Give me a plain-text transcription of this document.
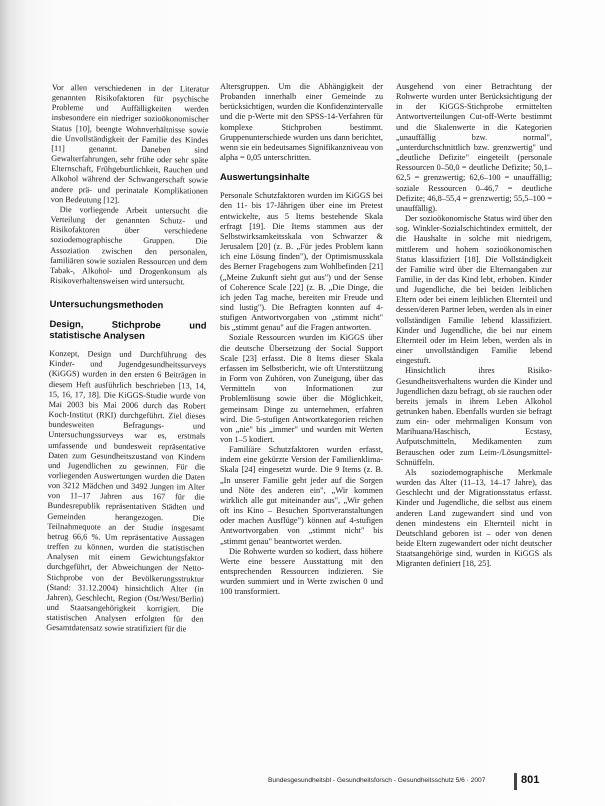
Vor allen verschiedenen in der Literatur genannten Risikofaktoren für psychische Probleme und Auffälligkeiten werden insbesondere ein niedriger sozioökonomischer Status [10], beengte Wohnverhältnisse sowie die Unvollständigkeit der Familie des Kindes [11] genannt. Daneben sind Gewalterfahrungen, sehr frühe oder sehr späte Elternschaft, Frühgeburtlichkeit, Rauchen und Alkohol während der Schwangerschaft sowie andere prä- und perinatale Komplikationen von Bedeutung [12].

Die vorliegende Arbeit untersucht die Verteilung der genannten Schutz- und Risikofaktoren über verschiedene soziodemographische Gruppen. Die Assoziation zwischen den personalen, familiären sowie sozialen Ressourcen und dem Tabak-, Alkohol- und Drogenkonsum als Risikoverhaltensweisen wird untersucht.

Untersuchungsmethoden
Design, Stichprobe und statistische Analysen

Konzept, Design und Durchführung des Kinder- und Jugendgesundheitssurveys (KiGGS) wurden in den ersten 6 Beiträgen in diesem Heft ausführlich beschrieben [13, 14, 15, 16, 17, 18]. Die KiGGS-Studie wurde von Mai 2003 bis Mai 2006 durch das Robert Koch-Institut (RKI) durchgeführt. Ziel dieses bundesweiten Befragungs- und Untersuchungssurveys war es, erstmals umfassende und bundesweit repräsentative Daten zum Gesundheitszustand von Kindern und Jugendlichen zu gewinnen. Für die vorliegenden Auswertungen wurden die Daten von 3212 Mädchen und 3492 Jungen im Alter von 11–17 Jahren aus 167 für die Bundesrepublik repräsentativen Städten und Gemeinden herangezogen. Die Teilnahmequote an der Studie insgesamt betrug 66,6 %. Um repräsentative Aussagen treffen zu können, wurden die statistischen Analysen mit einem Gewichtungsfaktor durchgeführt, der Abweichungen der Netto-Stichprobe von der Bevölkerungsstruktur (Stand: 31.12.2004) hinsichtlich Alter (in Jahren), Geschlecht, Region (Ost/West/Berlin) und Staatsangehörigkeit korrigiert. Die statistischen Analysen erfolgten für den Gesamtdatensatz sowie stratifiziert für die

Altersgruppen. Um die Abhängigkeit der Probanden innerhalb einer Gemeinde zu berücksichtigen, wurden die Konfidenzintervalle und die p-Werte mit den SPSS-14-Verfahren für komplexe Stichproben bestimmt. Gruppenunterschiede wurden uns dann berichtet, wenn sie ein bedeutsames Signifikanzniveau von alpha = 0,05 unterschritten.

Auswertungsinhalte

Personale Schutzfaktoren wurden im KiGGS bei den 11- bis 17-Jährigen über eine im Pretest entwickelte, aus 5 Items bestehende Skala erfragt [19]. Die Items stammen aus der Selbstwirksamkeitsskala von Schwarzer & Jerusalem [20] (z. B. „Für jedes Problem kann ich eine Lösung finden"), der Optimismusskala des Berner Fragebogens zum Wohlbefinden [21] („Meine Zukunft sieht gut aus") und der Sense of Coherence Scale [22] (z. B. „Die Dinge, die ich jeden Tag mache, bereiten mir Freude und sind lustig"). Die Befragten konnten auf 4-stufigen Antwortvorgaben von „stimmt nicht" bis „stimmt genau" auf die Fragen antworten.

Soziale Ressourcen wurden im KiGGS über die deutsche Übersetzung der Social Support Scale [23] erfasst. Die 8 Items dieser Skala erfassen im Selbstbericht, wie oft Unterstützung in Form von Zuhören, von Zuneigung, über das Vermitteln von Informationen zur Problemlösung sowie über die Möglichkeit, gemeinsam Dinge zu unternehmen, erfahren wird. Die 5-stufigen Antwortkategorien reichen von „nie" bis „immer" und wurden mit Werten von 1–5 kodiert.

Familiäre Schutzfaktoren wurden erfasst, indem eine gekürzte Version der Familienklima-Skala [24] eingesetzt wurde. Die 9 Items (z. B. „In unserer Familie geht jeder auf die Sorgen und Nöte des anderen ein", „Wir kommen wirklich alle gut miteinander aus", „Wir gehen oft ins Kino – Besuchen Sportveranstaltungen oder machen Ausflüge") können auf 4-stufigen Antwortvorgaben von „stimmt nicht" bis „stimmt genau" beantwortet werden.

Die Rohwerte wurden so kodiert, dass höhere Werte eine bessere Ausstattung mit den entsprechenden Ressourcen indizieren. Sie wurden summiert und in Werte zwischen 0 und 100 transformiert.

Ausgehend von einer Betrachtung der Rohwerte wurden unter Berücksichtigung der in der KiGGS-Stichprobe ermittelten Antwortverteilungen Cut-off-Werte bestimmt und die Skalenwerte in die Kategorien „unauffällig bzw. normal", „unterdurchschnittlich bzw. grenzwertig" und „deutliche Defizite" eingeteilt (personale Ressourcen 0–50,0 = deutliche Defizite; 50,1–62,5 = grenzwertig; 62,6–100 = unauffällig; soziale Ressourcen 0–46,7 = deutliche Defizite; 46,8–55,4 = grenzwertig; 55,5–100 = unauffällig).

Der sozioökonomische Status wird über den sog. Winkler-Sozialschichtindex ermittelt, der die Haushalte in solche mit niedrigem, mittlerem und hohem sozioökonomischen Status klassifiziert [18]. Die Vollständigkeit der Familie wird über die Elternangaben zur Familie, in der das Kind lebt, erhoben. Kinder und Jugendliche, die bei beiden leiblichen Eltern oder bei einem leiblichen Elternteil und dessen/deren Partner leben, werden als in einer vollständigen Familie lebend klassifiziert. Kinder und Jugendliche, die bei nur einem Elternteil oder im Heim leben, werden als in einer unvollständigen Familie lebend eingestuft.

Hinsichtlich ihres Risiko-Gesundheitsverhaltens wurden die Kinder und Jugendlichen dazu befragt, ob sie rauchen oder bereits jemals in ihrem Leben Alkohol getrunken haben. Ebenfalls wurden sie befragt zum ein- oder mehrmaligen Konsum von Marihuana/Haschisch, Ecstasy, Aufputschmitteln, Medikamenten zum Berauschen oder zum Leim-/Lösungsmittel-Schnüffeln.

Als soziodemographische Merkmale wurden das Alter (11–13, 14–17 Jahre), das Geschlecht und der Migrationsstatus erfasst. Kinder und Jugendliche, die selbst aus einem anderen Land zugewandert sind und von denen mindestens ein Elternteil nicht in Deutschland geboren ist – oder von denen beide Eltern zugewandert oder nicht deutscher Staatsangehörige sind, wurden in KiGGS als Migranten definiert [18, 25].

Bundesgesundheitsbl - Gesundheitsforsch - Gesundheitsschutz 5/6 · 2007	801
